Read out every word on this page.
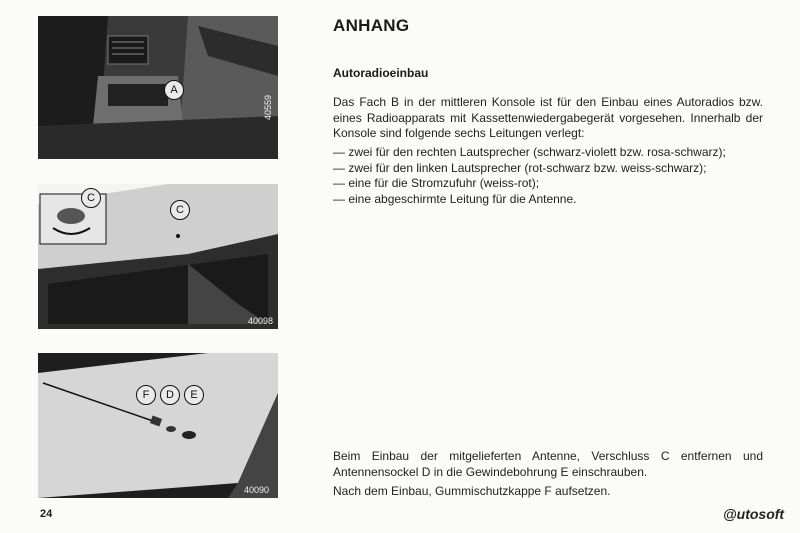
A
40559
C
C
40098
F	D	E
40090
ANHANG
Autoradioeinbau

Das Fach B in der mittleren Konsole ist für den Einbau eines Autoradios bzw. eines Radioapparats mit Kassettenwiedergabegerät vorgesehen. Innerhalb der Konsole sind folgende sechs Leitungen verlegt:

— zwei für den rechten Lautsprecher (schwarz-violett bzw. rosa-schwarz);
— zwei für den linken Lautsprecher (rot-schwarz bzw. weiss-schwarz);
— eine für die Stromzufuhr (weiss-rot);
— eine abgeschirmte Leitung für die Antenne.

Beim Einbau der mitgelieferten Antenne, Verschluss C entfernen und Antennensockel D in die Gewindebohrung E einschrauben.

Nach dem Einbau, Gummischutzkappe F aufsetzen.

24	@utosoft
